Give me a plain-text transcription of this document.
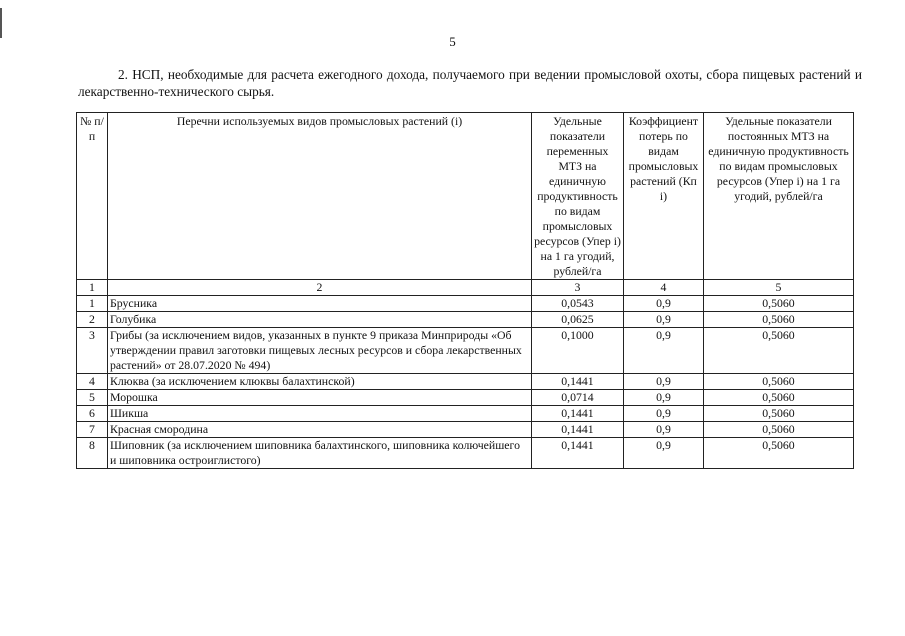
5

2. НСП, необходимые для расчета ежегодного дохода, получаемого при ведении промысловой охоты, сбора пищевых растений и лекарственно-технического сырья.

№ п/п	Перечни используемых видов промысловых растений (i)	Удельные показатели переменных МТЗ на единичную продуктивность по видам промысловых ресурсов (Упер i) на 1 га угодий, рублей/га	Коэффициент потерь по видам промысловых растений (Кп i)	Удельные показатели постоянных МТЗ на единичную продуктивность по видам промысловых ресурсов (Упер i) на 1 га угодий, рублей/га
1	2	3	4	5
1	Брусника	0,0543	0,9	0,5060
2	Голубика	0,0625	0,9	0,5060
3	Грибы (за исключением видов, указанных в пункте 9 приказа Минприроды «Об утверждении правил заготовки пищевых лесных ресурсов и сбора лекарственных растений» от 28.07.2020 № 494)	0,1000	0,9	0,5060
4	Клюква (за исключением клюквы балахтинской)	0,1441	0,9	0,5060
5	Морошка	0,0714	0,9	0,5060
6	Шикша	0,1441	0,9	0,5060
7	Красная смородина	0,1441	0,9	0,5060
8	Шиповник (за исключением шиповника балахтинского, шиповника колючейшего и шиповника остроиглистого)	0,1441	0,9	0,5060
